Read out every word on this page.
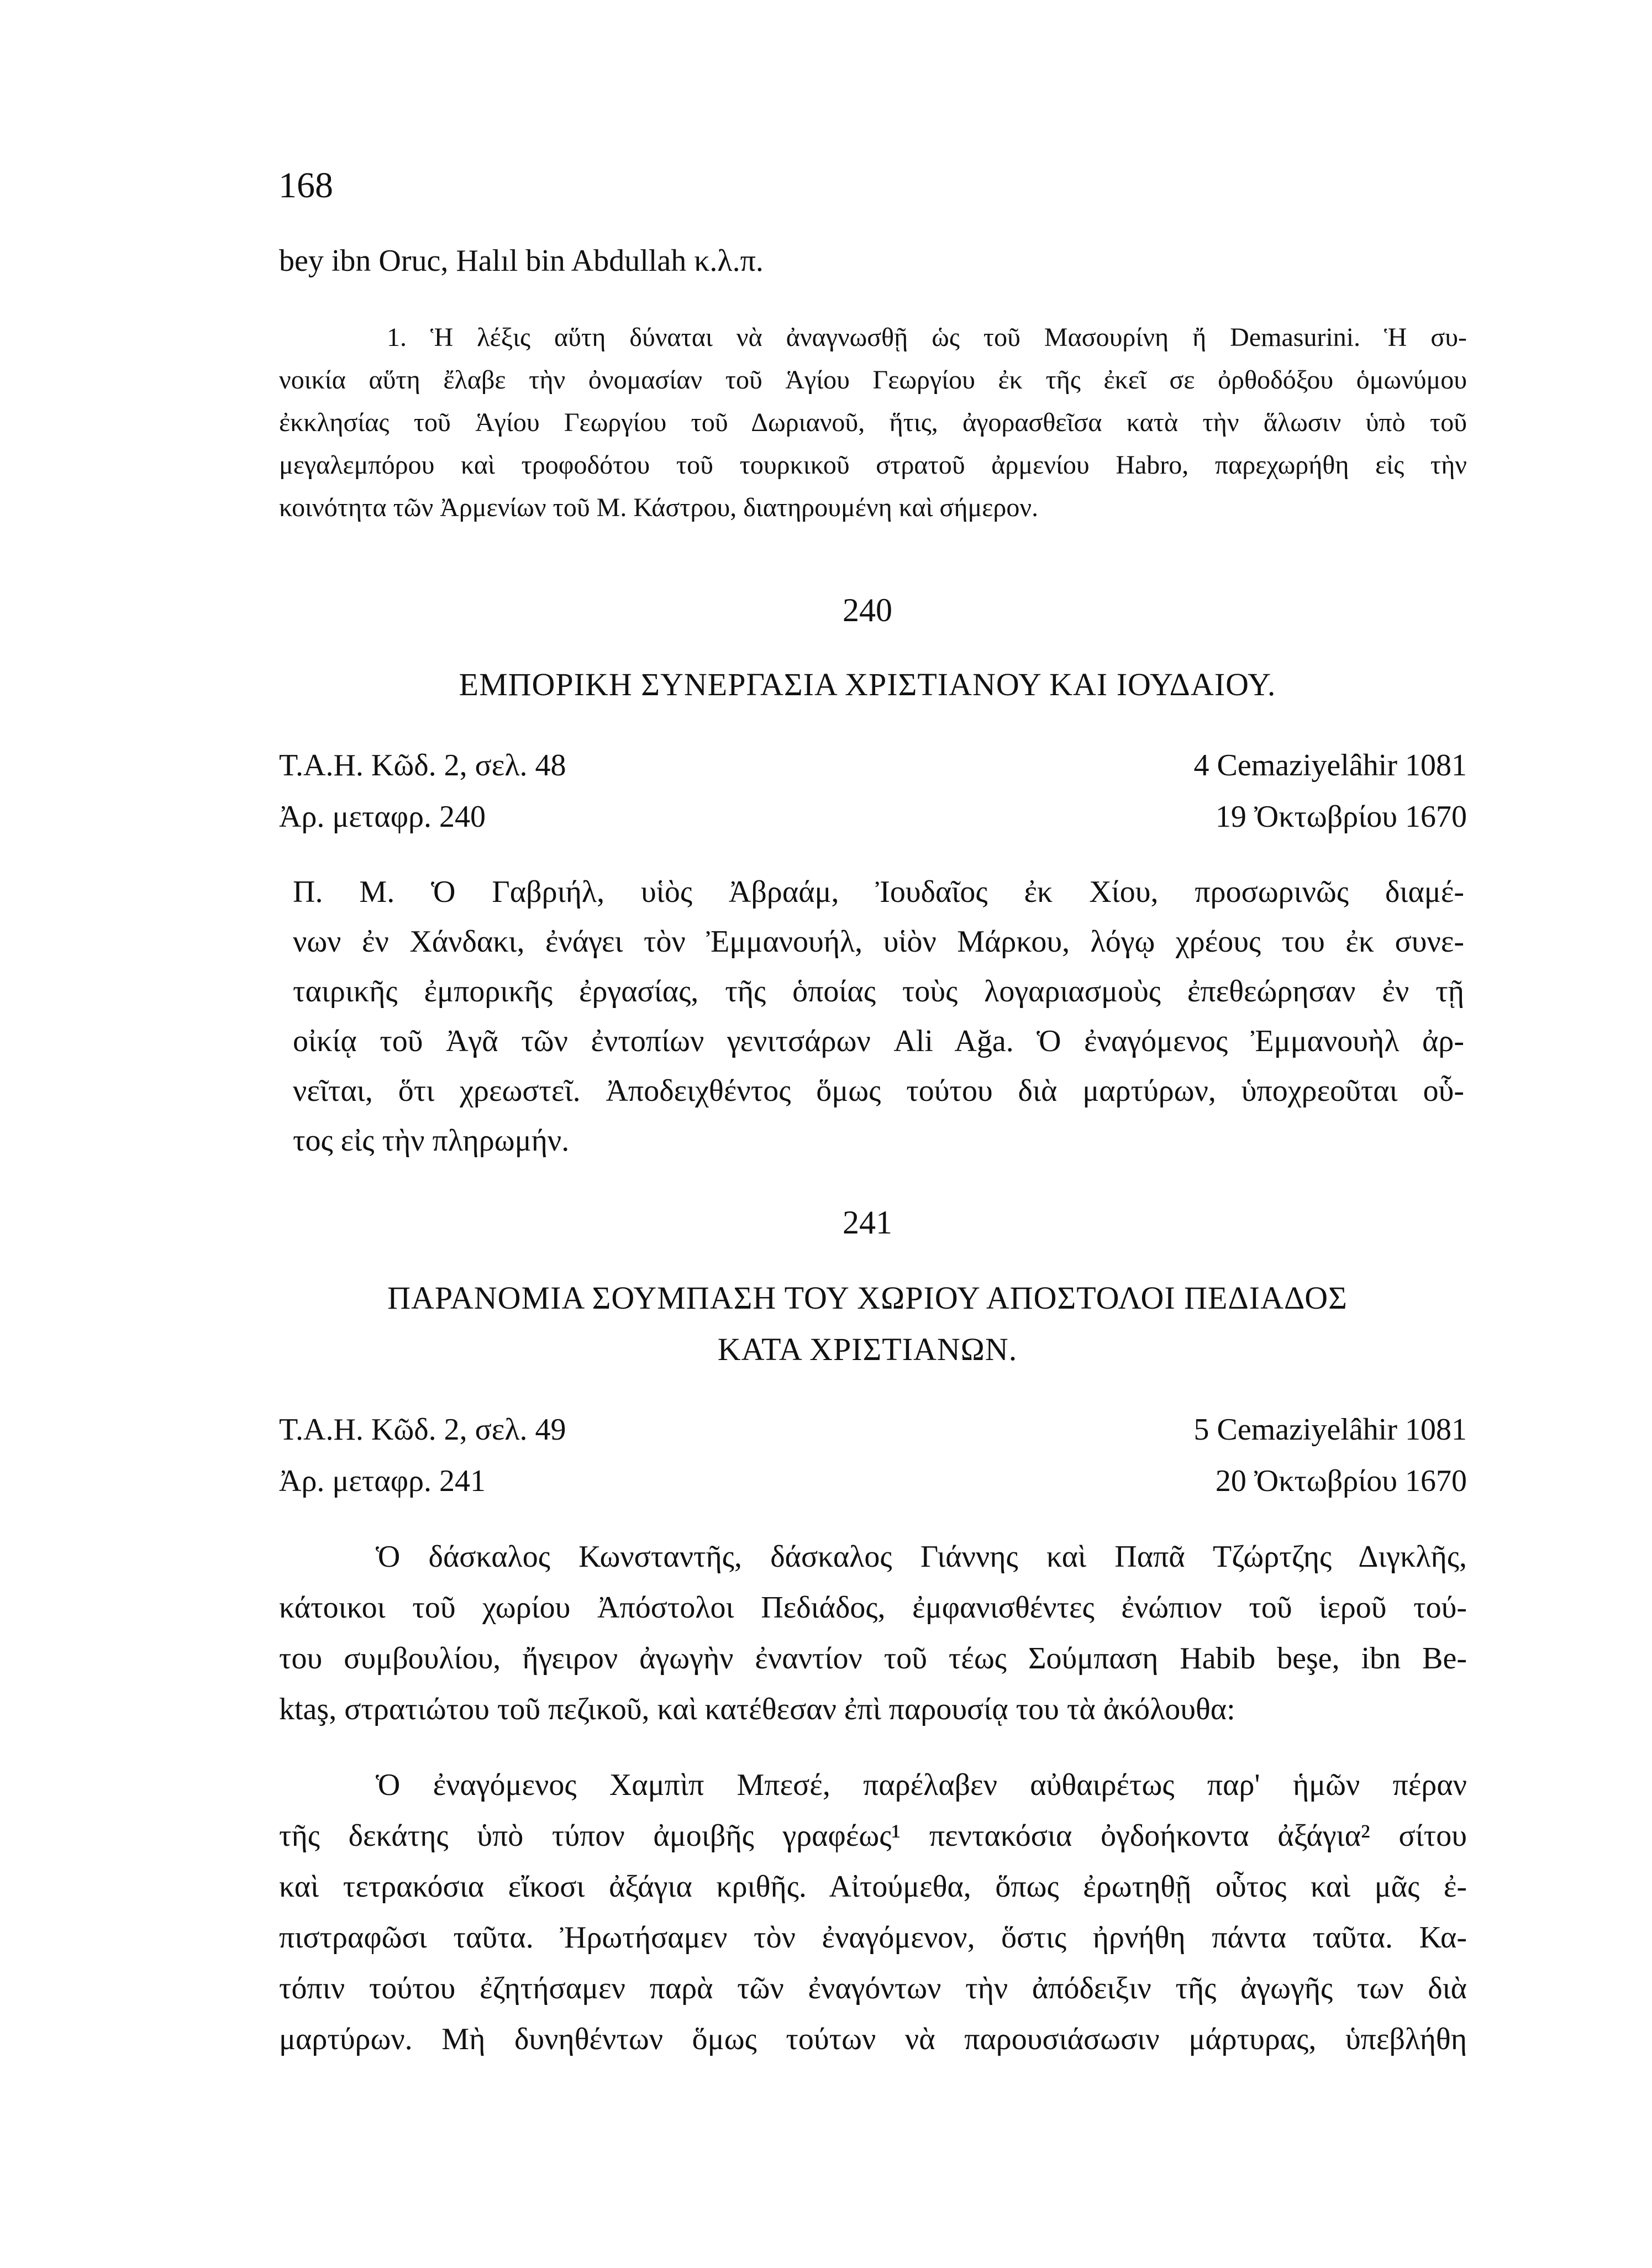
168
bey ibn Oruc, Halıl bin Abdullah κ.λ.π.
1. Ἡ λέξις αὕτη δύναται νὰ ἀναγνωσθῇ ὡς τοῦ Μασουρίνη ἤ Demasurini. Ἡ συ-
νοικία αὕτη ἔλαβε τὴν ὀνομασίαν τοῦ Ἁγίου Γεωργίου ἐκ τῆς ἐκεῖ σε ὀρθοδόξου ὁμωνύμου
ἐκκλησίας τοῦ Ἁγίου Γεωργίου τοῦ Δωριανοῦ, ἥτις, ἀγορασθεῖσα κατὰ τὴν ἅλωσιν ὑπὸ τοῦ
μεγαλεμπόρου καὶ τροφοδότου τοῦ τουρκικοῦ στρατοῦ ἀρμενίου Habro, παρεχωρήθη εἰς τὴν
κοινότητα τῶν Ἀρμενίων τοῦ Μ. Κάστρου, διατηρουμένη καὶ σήμερον.
240
ΕΜΠΟΡΙΚΗ ΣΥΝΕΡΓΑΣΙΑ ΧΡΙΣΤΙΑΝΟΥ ΚΑΙ ΙΟΥΔΑΙΟΥ.
Τ.Α.Η. Κῶδ. 2, σελ. 48	4 Cemaziyelâhir 1081
Ἀρ. μεταφρ. 240	19 Ὀκτωβρίου 1670
Π. Μ. Ὁ Γαβριήλ, υἱὸς Ἀβραάμ, Ἰουδαῖος ἐκ Χίου, προσωρινῶς διαμέ-
νων ἐν Χάνδακι, ἐνάγει τὸν Ἐμμανουήλ, υἱὸν Μάρκου, λόγῳ χρέους του ἐκ συνε-
ταιρικῆς ἐμπορικῆς ἐργασίας, τῆς ὁποίας τοὺς λογαριασμοὺς ἐπεθεώρησαν ἐν τῇ
οἰκίᾳ τοῦ Ἀγᾶ τῶν ἐντοπίων γενιτσάρων Ali Ağa. Ὁ ἐναγόμενος Ἐμμανουὴλ ἀρ-
νεῖται, ὅτι χρεωστεῖ. Ἀποδειχθέντος ὅμως τούτου διὰ μαρτύρων, ὑποχρεοῦται οὗ-
τος εἰς τὴν πληρωμήν.
241
ΠΑΡΑΝΟΜΙΑ ΣΟΥΜΠΑΣΗ ΤΟΥ ΧΩΡΙΟΥ ΑΠΟΣΤΟΛΟΙ ΠΕΔΙΑΔΟΣ
ΚΑΤΑ ΧΡΙΣΤΙΑΝΩΝ.
Τ.Α.Η. Κῶδ. 2, σελ. 49	5 Cemaziyelâhir 1081
Ἀρ. μεταφρ. 241	20 Ὀκτωβρίου 1670
Ὁ δάσκαλος Κωνσταντῆς, δάσκαλος Γιάννης καὶ Παπᾶ Τζώρτζης Διγκλῆς,
κάτοικοι τοῦ χωρίου Ἀπόστολοι Πεδιάδος, ἐμφανισθέντες ἐνώπιον τοῦ ἱεροῦ τού-
του συμβουλίου, ἤγειρον ἀγωγὴν ἐναντίον τοῦ τέως Σούμπαση Habib beşe, ibn Be-
ktaş, στρατιώτου τοῦ πεζικοῦ, καὶ κατέθεσαν ἐπὶ παρουσίᾳ του τὰ ἀκόλουθα:
Ὁ ἐναγόμενος Χαμπὶπ Μπεσέ, παρέλαβεν αὐθαιρέτως παρ' ἡμῶν πέραν
τῆς δεκάτης ὑπὸ τύπον ἀμοιβῆς γραφέως¹ πεντακόσια ὀγδοήκοντα ἀξάγια² σίτου
καὶ τετρακόσια εἴκοσι ἀξάγια κριθῆς. Αἰτούμεθα, ὅπως ἐρωτηθῇ οὗτος καὶ μᾶς ἐ-
πιστραφῶσι ταῦτα. Ἠρωτήσαμεν τὸν ἐναγόμενον, ὅστις ἠρνήθη πάντα ταῦτα. Κα-
τόπιν τούτου ἐζητήσαμεν παρὰ τῶν ἐναγόντων τὴν ἀπόδειξιν τῆς ἀγωγῆς των διὰ
μαρτύρων. Μὴ δυνηθέντων ὅμως τούτων νὰ παρουσιάσωσιν μάρτυρας, ὑπεβλήθη
